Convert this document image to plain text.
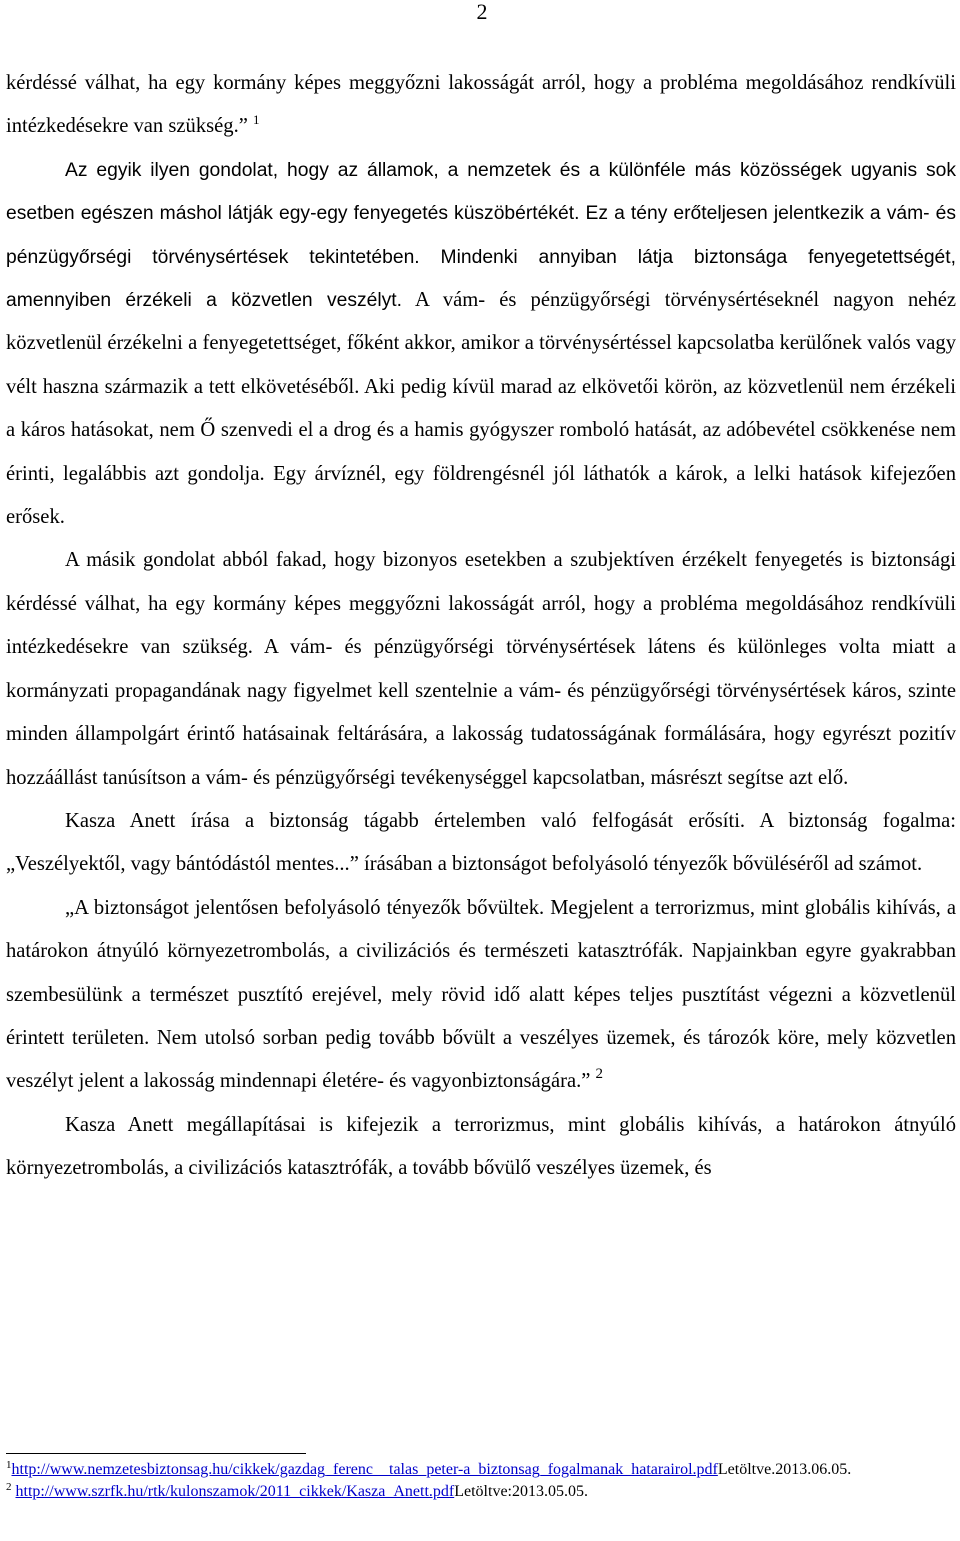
2

kérdéssé válhat, ha egy kormány képes meggyőzni lakosságát arról, hogy a probléma megoldásához rendkívüli intézkedésekre van szükség.” $^1$

Az egyik ilyen gondolat, hogy az államok, a nemzetek és a különféle más közösségek ugyanis sok esetben egészen máshol látják egy-egy fenyegetés küszöbértékét. Ez a tény erőteljesen jelentkezik a vám- és pénzügyőrségi törvénysértések tekintetében. Mindenki annyiban látja biztonsága fenyegetettségét, amennyiben érzékeli a közvetlen veszélyt. A vám- és pénzügyőrségi törvénysértéseknél nagyon nehéz közvetlenül érzékelni a fenyegetettséget, főként akkor, amikor a törvénysértéssel kapcsolatba kerülőnek valós vagy vélt haszna származik a tett elkövetéséből. Aki pedig kívül marad az elkövetői körön, az közvetlenül nem érzékeli a káros hatásokat, nem Ő szenvedi el a drog és a hamis gyógyszer romboló hatását, az adóbevétel csökkenése nem érinti, legalábbis azt gondolja. Egy árvíznél, egy földrengésnél jól láthatók a károk, a lelki hatások kifejezően erősek.

A másik gondolat abból fakad, hogy bizonyos esetekben a szubjektíven érzékelt fenyegetés is biztonsági kérdéssé válhat, ha egy kormány képes meggyőzni lakosságát arról, hogy a probléma megoldásához rendkívüli intézkedésekre van szükség. A vám- és pénzügyőrségi törvénysértések látens és különleges volta miatt a kormányzati propagandának nagy figyelmet kell szentelnie a vám- és pénzügyőrségi törvénysértések káros, szinte minden állampolgárt érintő hatásainak feltárására, a lakosság tudatosságának formálására, hogy egyrészt pozitív hozzáállást tanúsítson a vám- és pénzügyőrségi tevékenységgel kapcsolatban, másrészt segítse azt elő.

Kasza Anett írása a biztonság tágabb értelemben való felfogását erősíti. A biztonság fogalma: „Veszélyektől, vagy bántódástól mentes...” írásában a biztonságot befolyásoló tényezők bővüléséről ad számot.

„A biztonságot jelentősen befolyásoló tényezők bővültek. Megjelent a terrorizmus, mint globális kihívás, a határokon átnyúló környezetrombolás, a civilizációs és természeti katasztrófák. Napjainkban egyre gyakrabban szembesülünk a természet pusztító erejével, mely rövid idő alatt képes teljes pusztítást végezni a közvetlenül érintett területen. Nem utolsó sorban pedig tovább bővült a veszélyes üzemek, és tározók köre, mely közvetlen veszélyt jelent a lakosság mindennapi életére- és vagyonbiztonságára.” $^2$

Kasza Anett megállapításai is kifejezik a terrorizmus, mint globális kihívás, a határokon átnyúló környezetrombolás, a civilizációs katasztrófák, a tovább bővülő veszélyes üzemek, és

$^1$http://www.nemzetesbiztonsag.hu/cikkek/gazdag_ferenc__talas_peter-a_biztonsag_fogalmanak_hatarairol.pdfLetöltve.2013.06.05.

$^2$ http://www.szrfk.hu/rtk/kulonszamok/2011_cikkek/Kasza_Anett.pdfLetöltve:2013.05.05.
